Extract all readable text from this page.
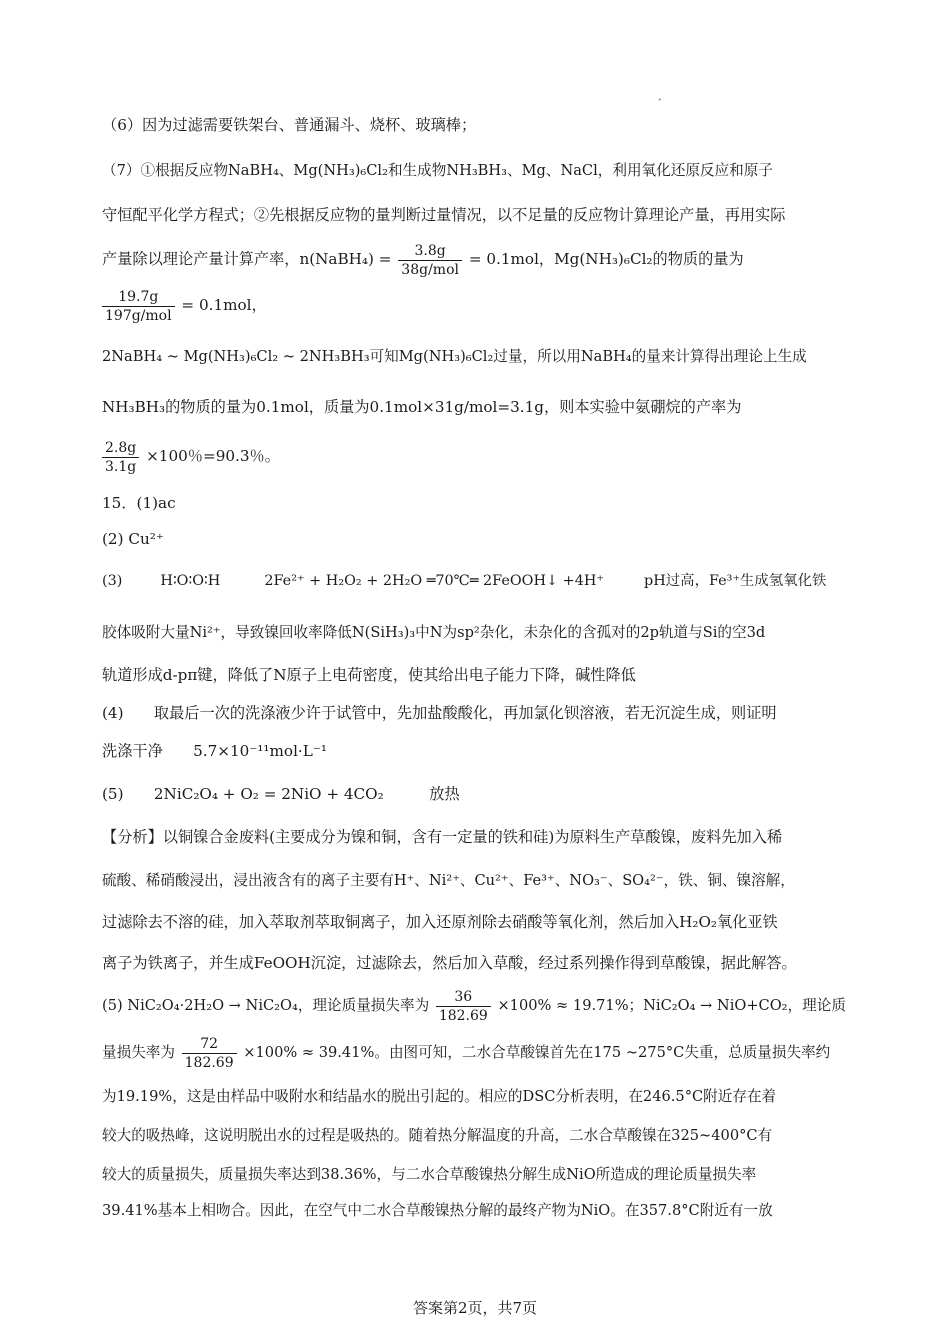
•
（6）因为过滤需要铁架台、普通漏斗、烧杯、玻璃棒；
（7）①根据反应物NaBH₄、Mg(NH₃)₆Cl₂和生成物NH₃BH₃、Mg、NaCl，利用氧化还原反应和原子
守恒配平化学方程式；②先根据反应物的量判断过量情况，以不足量的反应物计算理论产量，再用实际
产量除以理论产量计算产率，n(NaBH₄) = $\frac{3.8g}{\text{38g/mol}} = 0.1mol$，Mg(NH₃)₆Cl₂的物质的量为
$\frac{19.7g}{\text{197g/mol}} = 0.1mol$，
2NaBH₄ ~ Mg(NH₃)₆Cl₂ ~ 2NH₃BH₃可知Mg(NH₃)₆Cl₂过量，所以用NaBH₄的量来计算得出理论上生成
NH₃BH₃的物质的量为0.1mol，质量为0.1mol×31g/mol=3.1g，则本实验中氨硼烷的产率为
$\frac{2.8g}{3.1g} \times 100$％=90.3％。
15．(1)ac
(2) Cu²⁺
(3)	H∶O∶O∶H	2Fe²⁺ + H₂O₂ + 2H₂O ═70℃═ 2FeOOH↓ +4H⁺	pH过高，Fe³⁺生成氢氧化铁
胶体吸附大量Ni²⁺，导致镍回收率降低N(SiH₃)₃中N为sp²杂化，未杂化的含孤对的2p轨道与Si的空3d
轨道形成d-pπ键，降低了N原子上电荷密度，使其给出电子能力下降，碱性降低
(4)　　取最后一次的洗涤液少许于试管中，先加盐酸酸化，再加氯化钡溶液，若无沉淀生成，则证明
洗涤干净　　5.7×10⁻¹¹mol·L⁻¹
(5)　　2NiC₂O₄ + O₂ = 2NiO + 4CO₂　　　放热
【分析】以铜镍合金废料(主要成分为镍和铜，含有一定量的铁和硅)为原料生产草酸镍，废料先加入稀
硫酸、稀硝酸浸出，浸出液含有的离子主要有H⁺、Ni²⁺、Cu²⁺、Fe³⁺、NO₃⁻、SO₄²⁻，铁、铜、镍溶解，
过滤除去不溶的硅，加入萃取剂萃取铜离子，加入还原剂除去硝酸等氧化剂，然后加入H₂O₂氧化亚铁
离子为铁离子，并生成FeOOH沉淀，过滤除去，然后加入草酸，经过系列操作得到草酸镍，据此解答。
(5) NiC₂O₄·2H₂O → NiC₂O₄，理论质量损失率为 $\frac{36}{182.69} \times 100\% \approx 19.71\%$；NiC₂O₄ → NiO+CO₂，理论质
量损失率为 $\frac{72}{182.69} \times 100\% \approx 39.41\%$。由图可知，二水合草酸镍首先在175 ~275°C失重，总质量损失率约
为19.19%，这是由样品中吸附水和结晶水的脱出引起的。相应的DSC分析表明，在246.5°C附近存在着
较大的吸热峰，这说明脱出水的过程是吸热的。随着热分解温度的升高，二水合草酸镍在325~400°C有
较大的质量损失，质量损失率达到38.36%，与二水合草酸镍热分解生成NiO所造成的理论质量损失率
39.41%基本上相吻合。因此，在空气中二水合草酸镍热分解的最终产物为NiO。在357.8°C附近有一放
答案第2页，共7页
